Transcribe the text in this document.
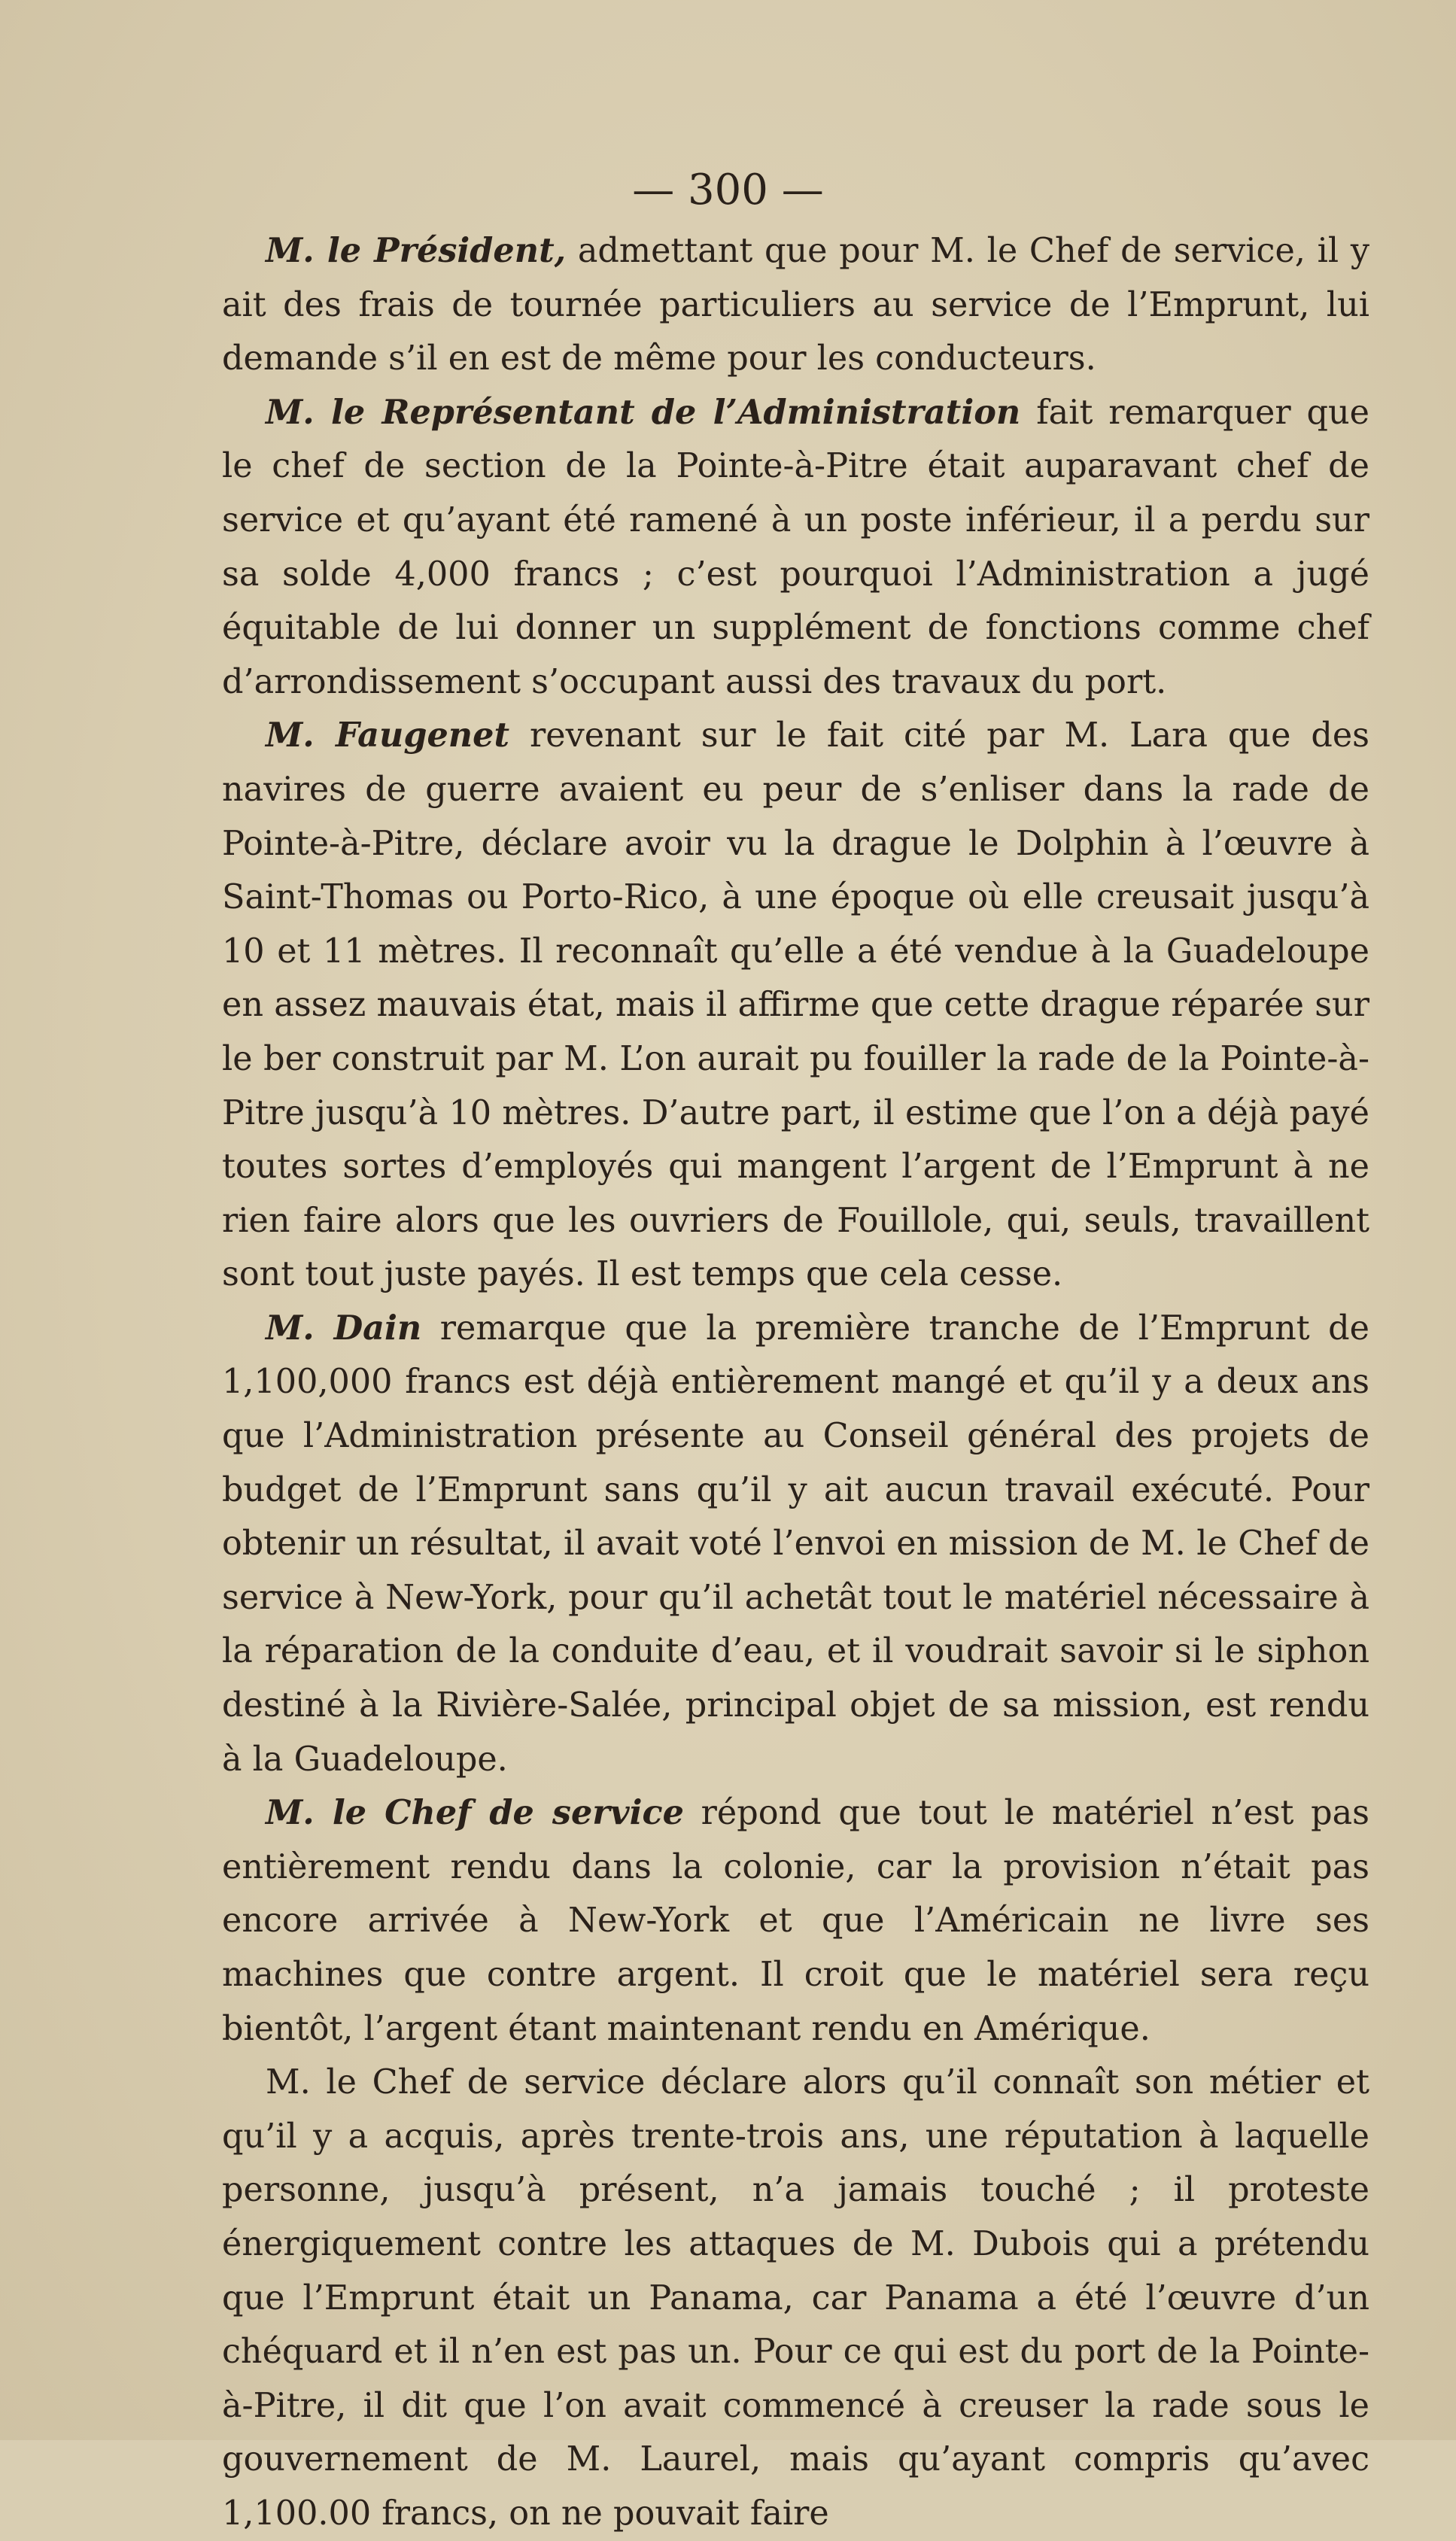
— 300 —

M. le Président, admettant que pour M. le Chef de service, il y ait des frais de tournée particuliers au service de l’Emprunt, lui demande s’il en est de même pour les conducteurs.

M. le Représentant de l’Administration fait remarquer que le chef de section de la Pointe-à-Pitre était auparavant chef de service et qu’ayant été ramené à un poste inférieur, il a perdu sur sa solde 4,000 francs ; c’est pourquoi l’Administration a jugé équitable de lui donner un supplément de fonctions comme chef d’arrondissement s’occupant aussi des travaux du port.

M. Faugenet revenant sur le fait cité par M. Lara que des navires de guerre avaient eu peur de s’enliser dans la rade de Pointe-à-Pitre, déclare avoir vu la drague le Dolphin à l’œuvre à Saint-Thomas ou Porto-Rico, à une époque où elle creusait jusqu’à 10 et 11 mètres. Il reconnaît qu’elle a été vendue à la Guadeloupe en assez mauvais état, mais il affirme que cette drague réparée sur le ber construit par M. L’on aurait pu fouiller la rade de la Pointe-à-Pitre jusqu’à 10 mètres. D’autre part, il estime que l’on a déjà payé toutes sortes d’employés qui mangent l’argent de l’Emprunt à ne rien faire alors que les ouvriers de Fouillole, qui, seuls, travaillent sont tout juste payés. Il est temps que cela cesse.

M. Dain remarque que la première tranche de l’Emprunt de 1,100,000 francs est déjà entièrement mangé et qu’il y a deux ans que l’Administration présente au Conseil général des projets de budget de l’Emprunt sans qu’il y ait aucun travail exécuté. Pour obtenir un résultat, il avait voté l’envoi en mission de M. le Chef de service à New-York, pour qu’il achetât tout le matériel nécessaire à la réparation de la conduite d’eau, et il voudrait savoir si le siphon destiné à la Rivière-Salée, principal objet de sa mission, est rendu à la Guadeloupe.

M. le Chef de service répond que tout le matériel n’est pas entièrement rendu dans la colonie, car la provision n’était pas encore arrivée à New-York et que l’Américain ne livre ses machines que contre argent. Il croit que le matériel sera reçu bientôt, l’argent étant maintenant rendu en Amérique.

M. le Chef de service déclare alors qu’il connaît son métier et qu’il y a acquis, après trente-trois ans, une réputation à laquelle personne, jusqu’à présent, n’a jamais touché ; il proteste énergiquement contre les attaques de M. Dubois qui a prétendu que l’Emprunt était un Panama, car Panama a été l’œuvre d’un chéquard et il n’en est pas un. Pour ce qui est du port de la Pointe-à-Pitre, il dit que l’on avait commencé à creuser la rade sous le gouvernement de M. Laurel, mais qu’ayant compris qu’avec 1,100.00 francs, on ne pouvait faire
